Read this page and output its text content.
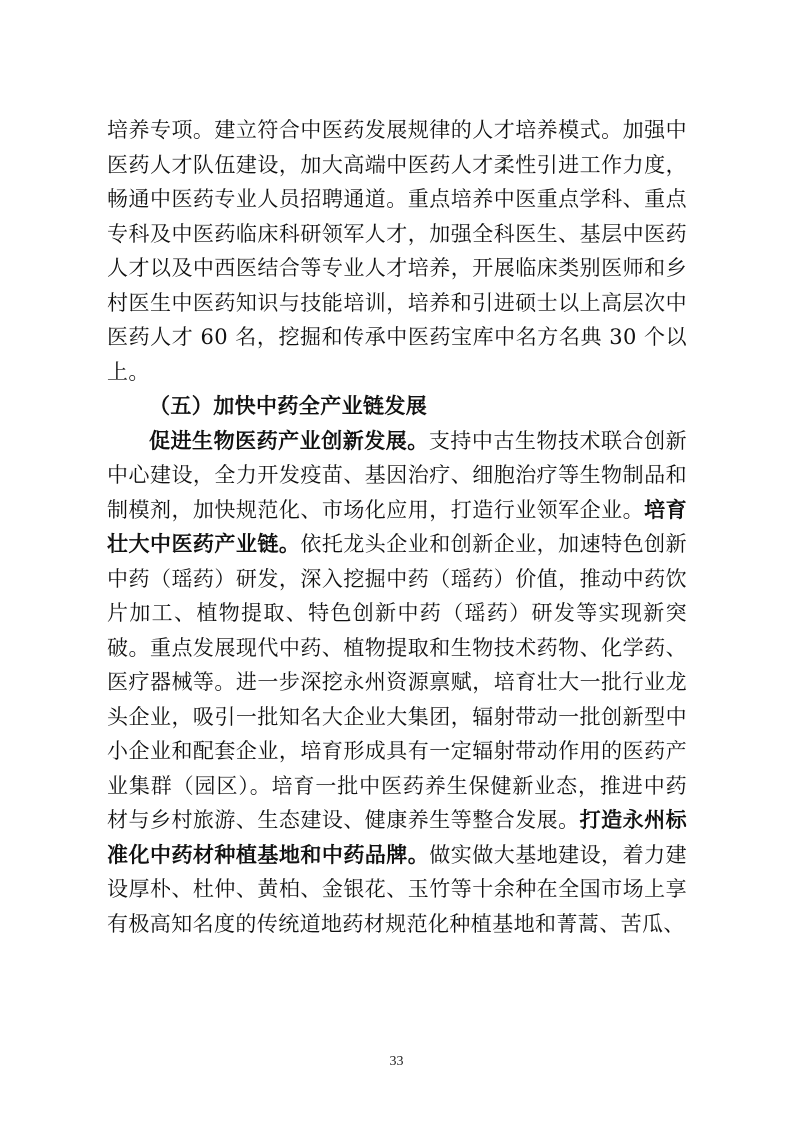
培养专项。建立符合中医药发展规律的人才培养模式。加强中医药人才队伍建设，加大高端中医药人才柔性引进工作力度，畅通中医药专业人员招聘通道。重点培养中医重点学科、重点专科及中医药临床科研领军人才，加强全科医生、基层中医药人才以及中西医结合等专业人才培养，开展临床类别医师和乡村医生中医药知识与技能培训，培养和引进硕士以上高层次中医药人才 60 名，挖掘和传承中医药宝库中名方名典 30 个以上。

（五）加快中药全产业链发展

促进生物医药产业创新发展。支持中古生物技术联合创新中心建设，全力开发疫苗、基因治疗、细胞治疗等生物制品和制模剂，加快规范化、市场化应用，打造行业领军企业。培育壮大中医药产业链。依托龙头企业和创新企业，加速特色创新中药（瑶药）研发，深入挖掘中药（瑶药）价值，推动中药饮片加工、植物提取、特色创新中药（瑶药）研发等实现新突破。重点发展现代中药、植物提取和生物技术药物、化学药、医疗器械等。进一步深挖永州资源禀赋，培育壮大一批行业龙头企业，吸引一批知名大企业大集团，辐射带动一批创新型中小企业和配套企业，培育形成具有一定辐射带动作用的医药产业集群（园区）。培育一批中医药养生保健新业态，推进中药材与乡村旅游、生态建设、健康养生等整合发展。打造永州标准化中药材种植基地和中药品牌。做实做大基地建设，着力建设厚朴、杜仲、黄柏、金银花、玉竹等十余种在全国市场上享有极高知名度的传统道地药材规范化种植基地和菁蒿、苦瓜、

33
